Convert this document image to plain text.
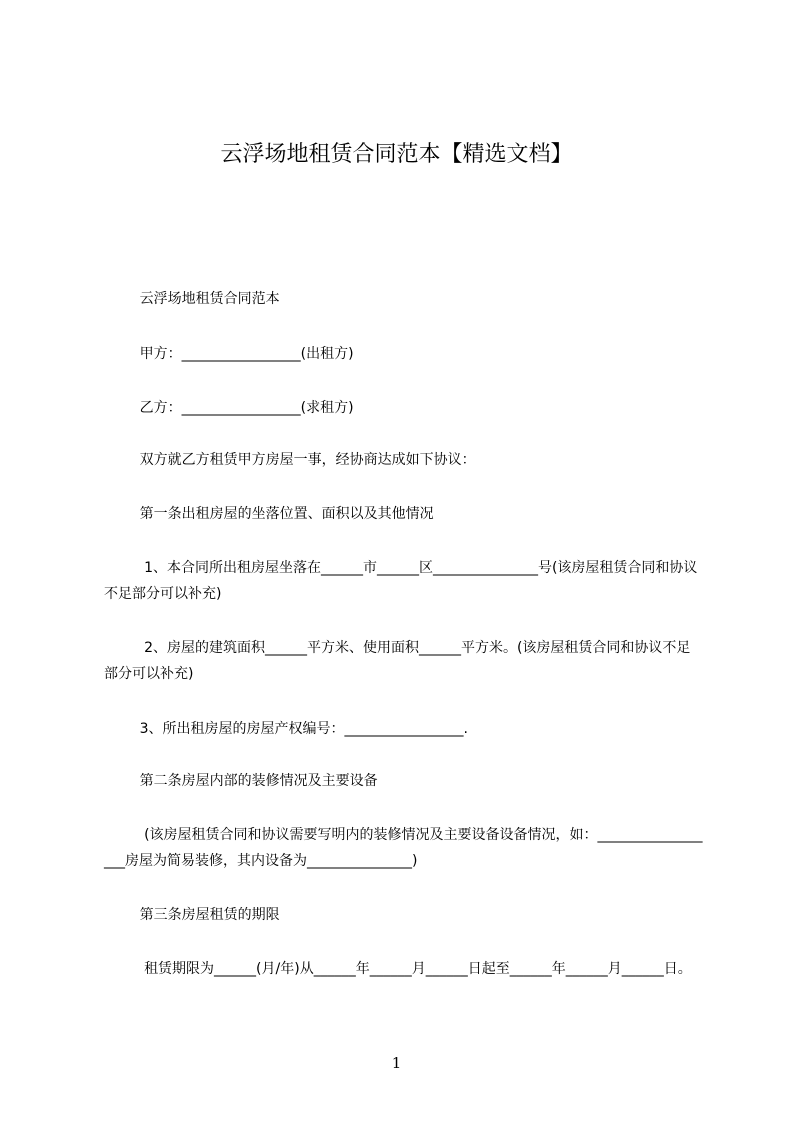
云浮场地租赁合同范本【精选文档】

云浮场地租赁合同范本

甲方：_________________(出租方)

乙方：_________________(求租方)

双方就乙方租赁甲方房屋一事，经协商达成如下协议：

第一条出租房屋的坐落位置、面积以及其他情况

1、本合同所出租房屋坐落在______市______区_______________号(该房屋租赁合同和协议不足部分可以补充)

2、房屋的建筑面积______平方米、使用面积______平方米。(该房屋租赁合同和协议不足部分可以补充)

3、所出租房屋的房屋产权编号：_________________.

第二条房屋内部的装修情况及主要设备

(该房屋租赁合同和协议需要写明内的装修情况及主要设备设备情况，如：__________________房屋为简易装修，其内设备为_______________)

第三条房屋租赁的期限

租赁期限为______(月/年)从______年______月______日起至______年______月______日。

1
